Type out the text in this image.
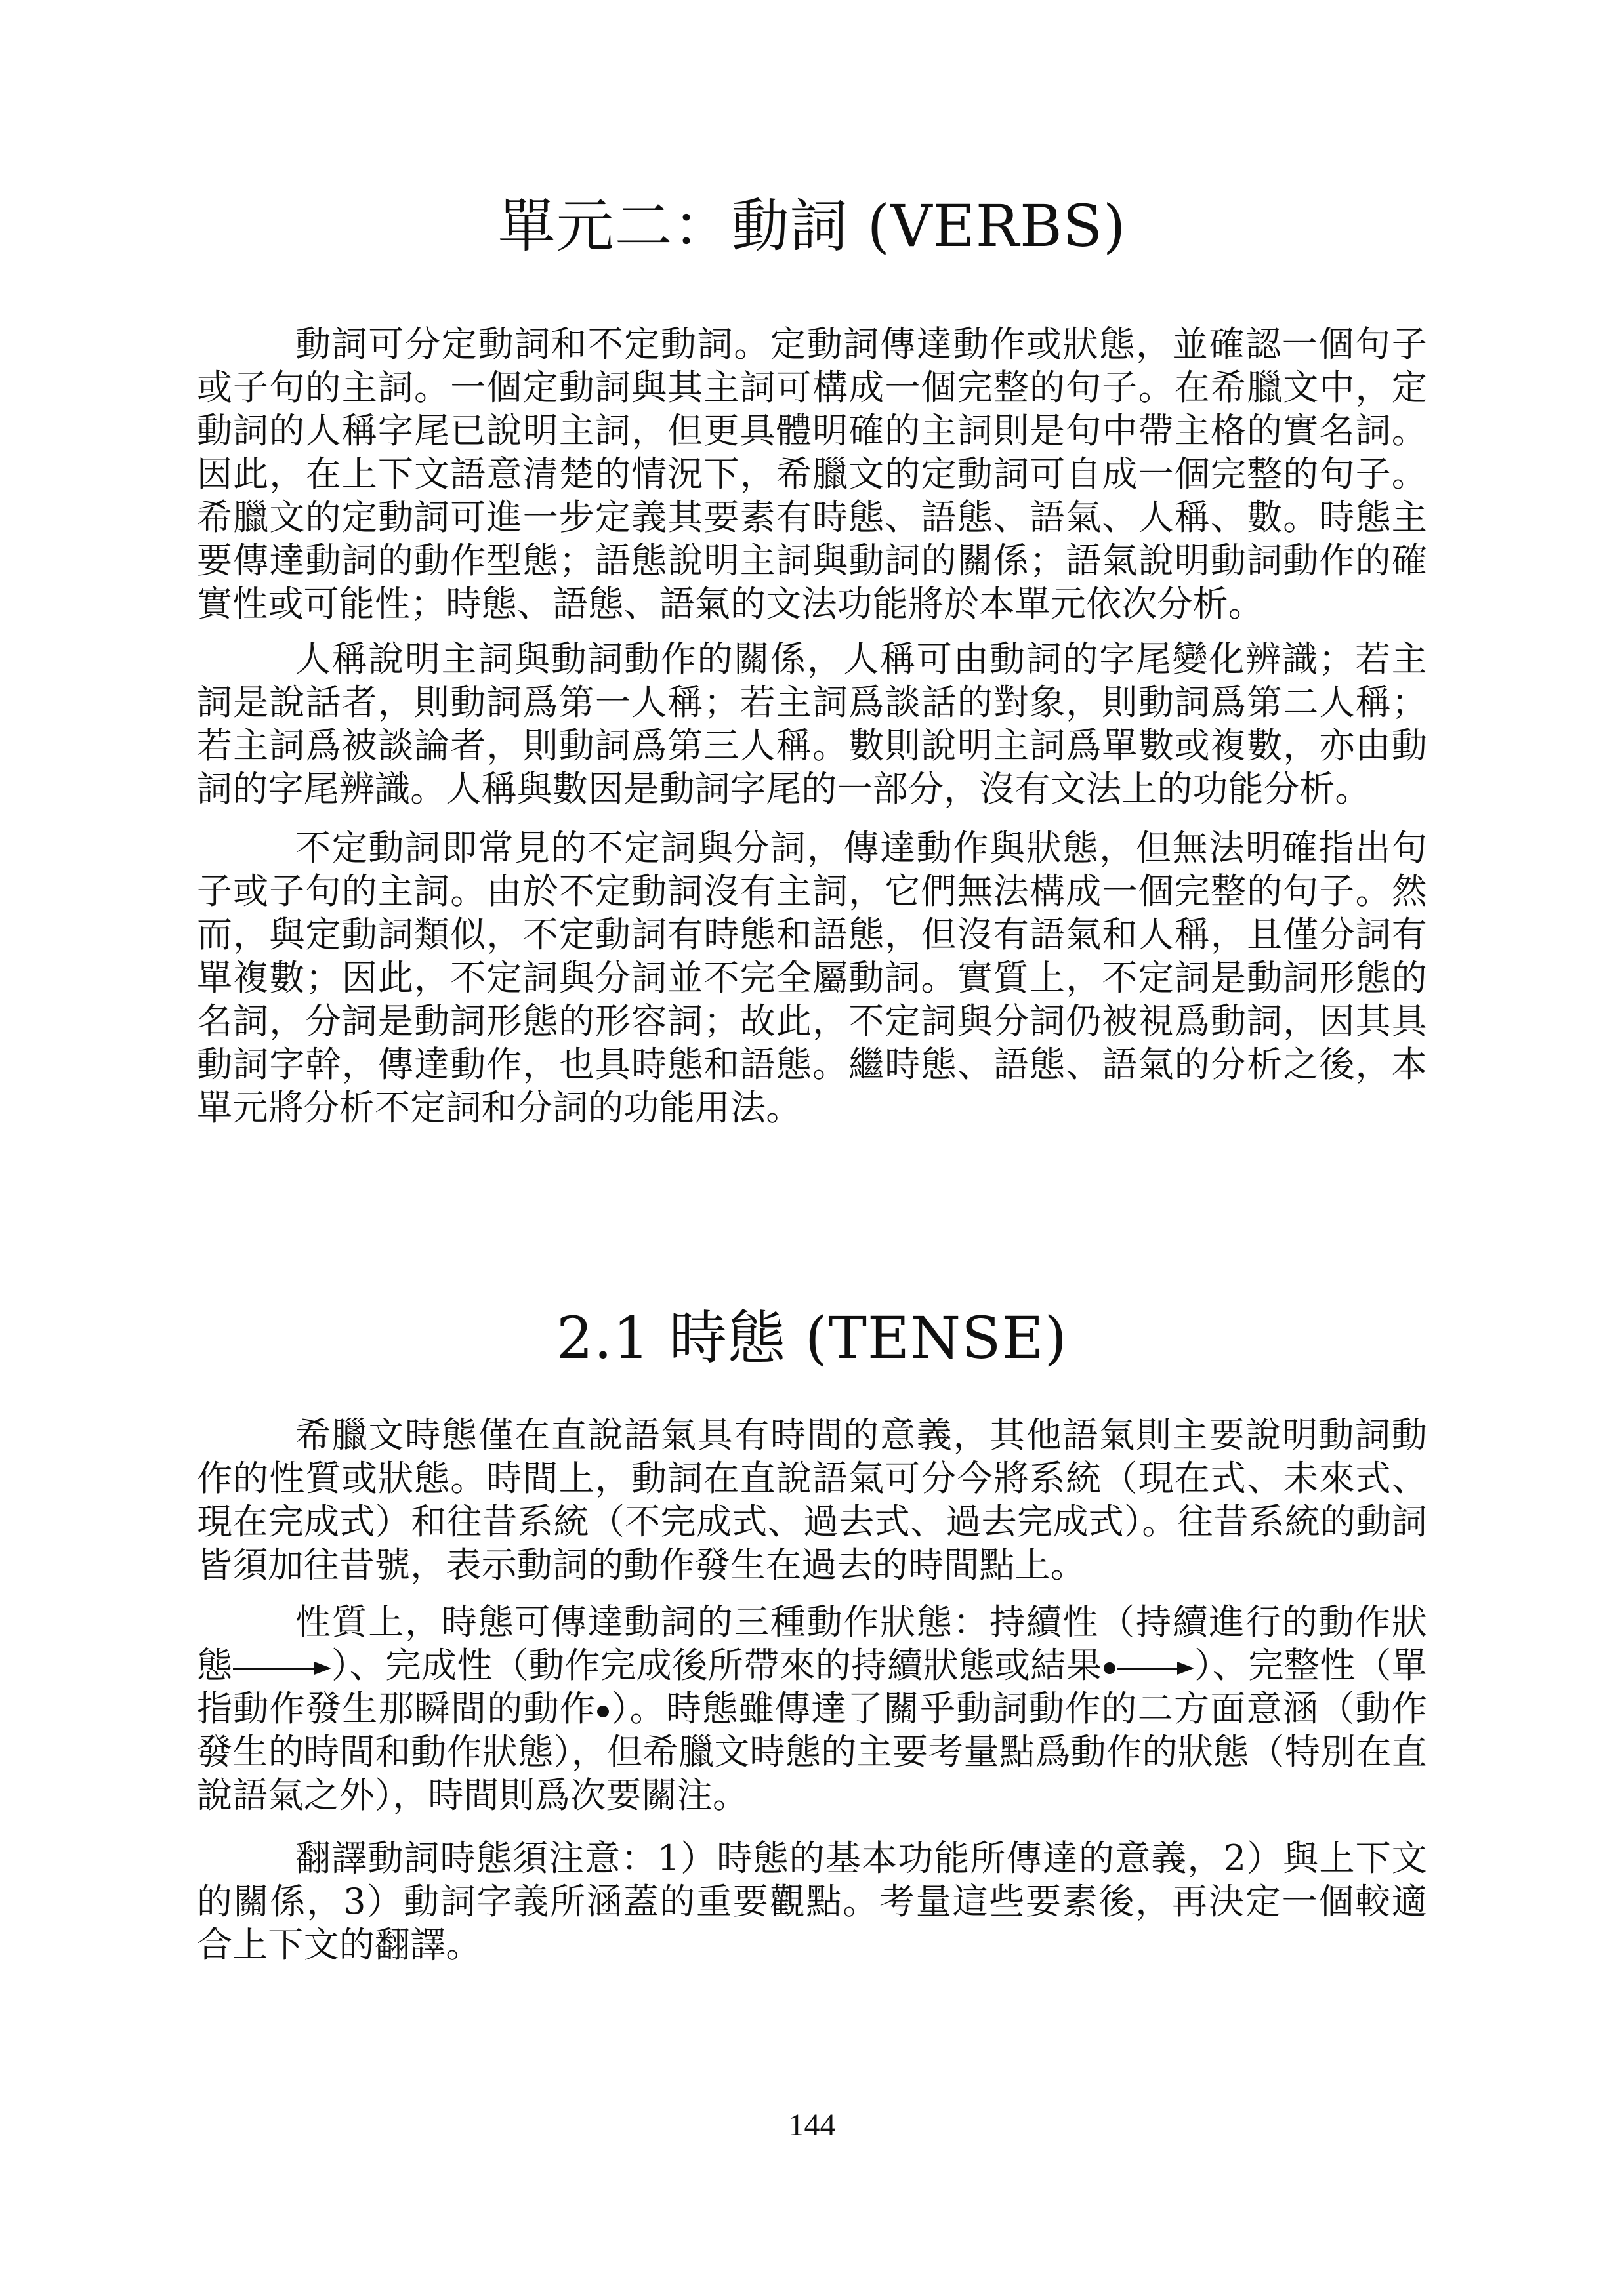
單元二：動詞 (VERBS)

動詞可分定動詞和不定動詞。定動詞傳達動作或狀態，並確認一個句子或子句的主詞。一個定動詞與其主詞可構成一個完整的句子。在希臘文中，定動詞的人稱字尾已說明主詞，但更具體明確的主詞則是句中帶主格的實名詞。因此，在上下文語意清楚的情況下，希臘文的定動詞可自成一個完整的句子。希臘文的定動詞可進一步定義其要素有時態、語態、語氣、人稱、數。時態主要傳達動詞的動作型態；語態說明主詞與動詞的關係；語氣說明動詞動作的確實性或可能性；時態、語態、語氣的文法功能將於本單元依次分析。

人稱說明主詞與動詞動作的關係，人稱可由動詞的字尾變化辨識；若主詞是說話者，則動詞爲第一人稱；若主詞爲談話的對象，則動詞爲第二人稱；若主詞爲被談論者，則動詞爲第三人稱。數則說明主詞爲單數或複數，亦由動詞的字尾辨識。人稱與數因是動詞字尾的一部分，沒有文法上的功能分析。

不定動詞即常見的不定詞與分詞，傳達動作與狀態，但無法明確指出句子或子句的主詞。由於不定動詞沒有主詞，它們無法構成一個完整的句子。然而，與定動詞類似，不定動詞有時態和語態，但沒有語氣和人稱，且僅分詞有單複數；因此，不定詞與分詞並不完全屬動詞。實質上，不定詞是動詞形態的名詞，分詞是動詞形態的形容詞；故此，不定詞與分詞仍被視爲動詞，因其具動詞字幹，傳達動作，也具時態和語態。繼時態、語態、語氣的分析之後，本單元將分析不定詞和分詞的功能用法。

2.1 時態 (TENSE)

希臘文時態僅在直說語氣具有時間的意義，其他語氣則主要說明動詞動作的性質或狀態。時間上，動詞在直說語氣可分今將系統（現在式、未來式、現在完成式）和往昔系統（不完成式、過去式、過去完成式）。往昔系統的動詞皆須加往昔號，表示動詞的動作發生在過去的時間點上。

性質上，時態可傳達動詞的三種動作狀態：持續性（持續進行的動作狀態	）、完成性（動作完成後所帶來的持續狀態或結果	）、完整性（單指動作發生那瞬間的動作 ）。時態雖傳達了關乎動詞動作的二方面意涵（動作發生的時間和動作狀態），但希臘文時態的主要考量點爲動作的狀態（特別在直說語氣之外），時間則爲次要關注。

翻譯動詞時態須注意：1）時態的基本功能所傳達的意義，2）與上下文的關係，3）動詞字義所涵蓋的重要觀點。考量這些要素後，再決定一個較適合上下文的翻譯。

144
